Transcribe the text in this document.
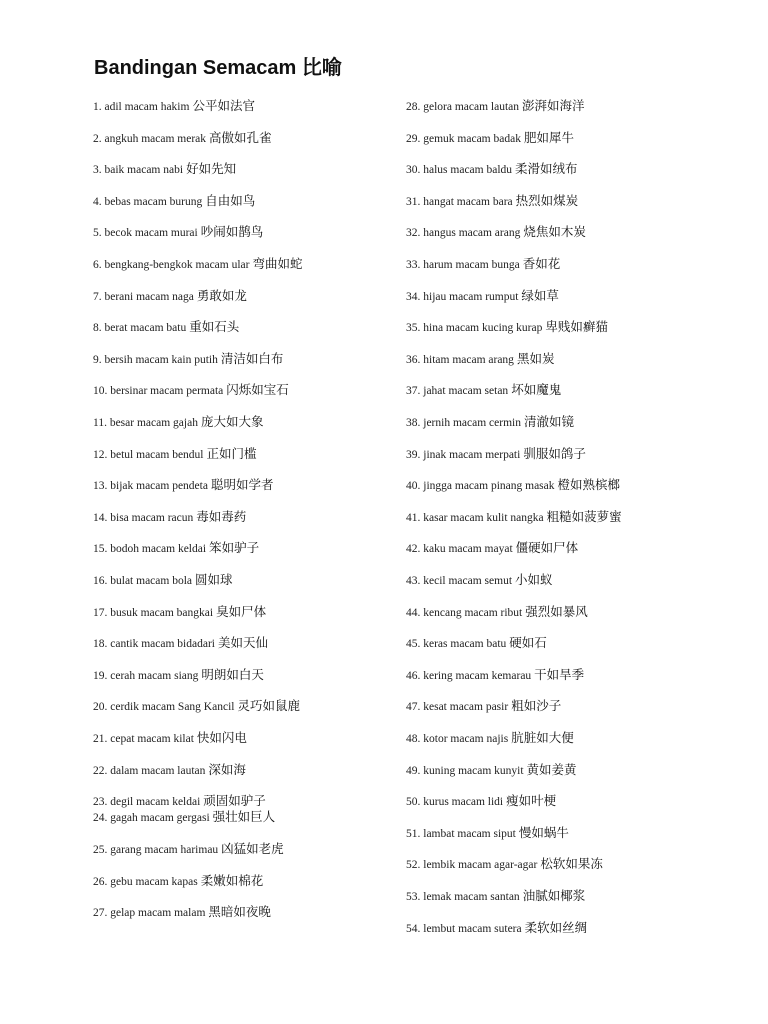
Bandingan Semacam 比喻
1. adil macam hakim 公平如法官
2. angkuh macam merak 高傲如孔雀
3. baik macam nabi 好如先知
4. bebas macam burung 自由如鸟
5. becok macam murai 吵闹如鹊鸟
6. bengkang-bengkok macam ular 弯曲如蛇
7. berani macam naga 勇敢如龙
8. berat macam batu 重如石头
9. bersih macam kain putih 清洁如白布
10. bersinar macam permata 闪烁如宝石
11. besar macam gajah 庞大如大象
12. betul macam bendul 正如门槛
13. bijak macam pendeta 聪明如学者
14. bisa macam racun 毒如毒药
15. bodoh macam keldai 笨如驴子
16. bulat macam bola 圆如球
17. busuk macam bangkai 臭如尸体
18. cantik macam bidadari 美如天仙
19. cerah macam siang 明朗如白天
20. cerdik macam Sang Kancil 灵巧如鼠鹿
21. cepat macam kilat 快如闪电
22. dalam macam lautan 深如海
23. degil macam keldai 顽固如驴子
24. gagah macam gergasi 强壮如巨人
25. garang macam harimau 凶猛如老虎
26. gebu macam kapas 柔嫩如棉花
27. gelap macam malam 黑暗如夜晚
28. gelora macam lautan 澎湃如海洋
29. gemuk macam badak 肥如犀牛
30. halus macam baldu 柔滑如绒布
31. hangat macam bara 热烈如煤炭
32. hangus macam arang 烧焦如木炭
33. harum macam bunga 香如花
34. hijau macam rumput 绿如草
35. hina macam kucing kurap 卑贱如癣猫
36. hitam macam arang 黑如炭
37. jahat macam setan 坏如魔鬼
38. jernih macam cermin 清澈如镜
39. jinak macam merpati 驯服如鸽子
40. jingga macam pinang masak 橙如熟槟榔
41. kasar macam kulit nangka 粗糙如菠萝蜜
42. kaku macam mayat 僵硬如尸体
43. kecil macam semut 小如蚁
44. kencang macam ribut 强烈如暴风
45. keras macam batu 硬如石
46. kering macam kemarau 干如旱季
47. kesat macam pasir 粗如沙子
48. kotor macam najis 肮脏如大便
49. kuning macam kunyit 黄如姜黄
50. kurus macam lidi 瘦如叶梗
51. lambat macam siput 慢如蜗牛
52. lembik macam agar-agar 松软如果冻
53. lemak macam santan 油腻如椰浆
54. lembut macam sutera 柔软如丝绸
